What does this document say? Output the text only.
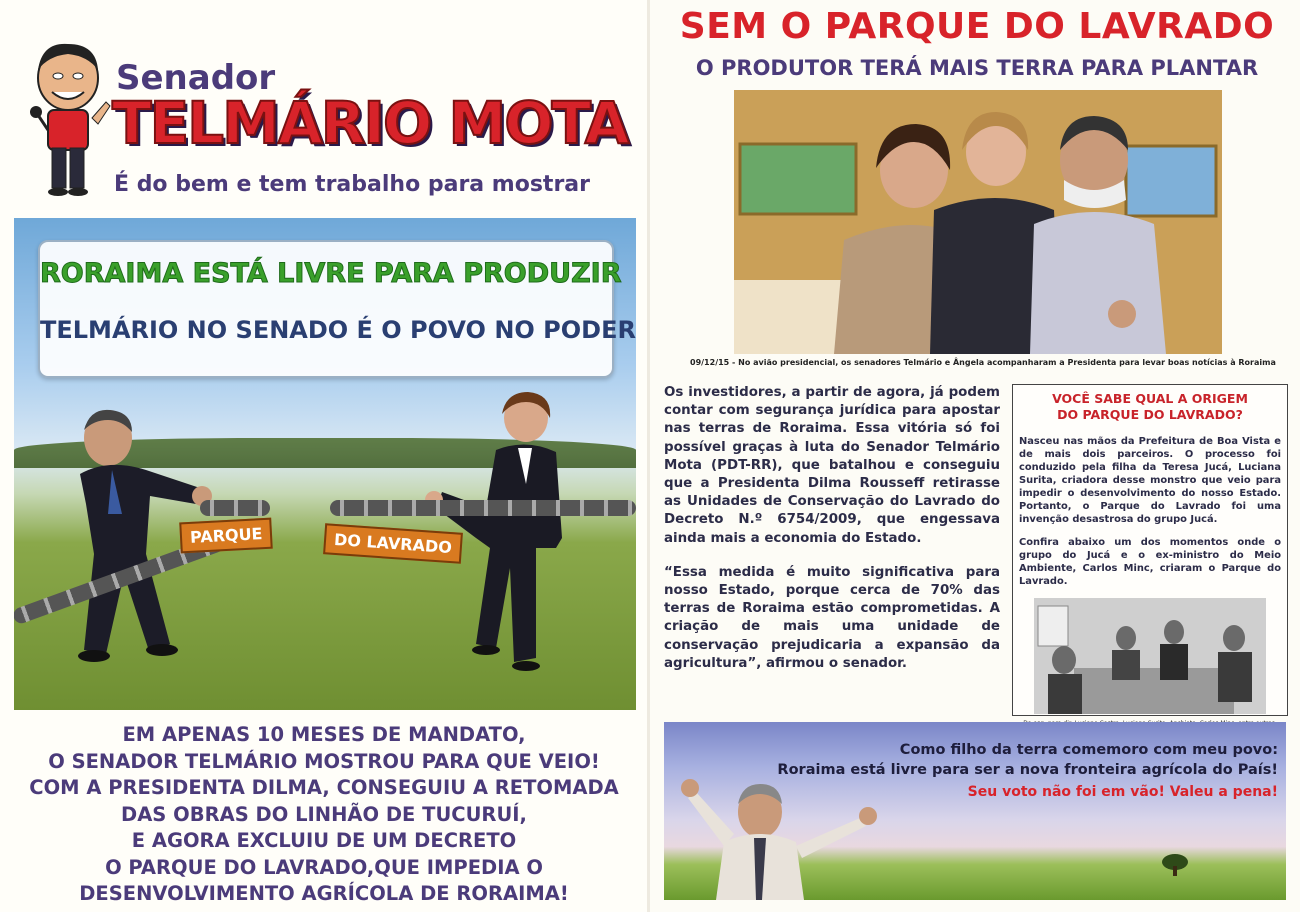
Senador
TELMÁRIO MOTA
É do bem e tem trabalho para mostrar
RORAIMA ESTÁ LIVRE PARA PRODUZIR
TELMÁRIO NO SENADO É O POVO NO PODER
PARQUE	DO LAVRADO
EM APENAS 10 MESES DE MANDATO,
O SENADOR TELMÁRIO MOSTROU PARA QUE VEIO!
COM A PRESIDENTA DILMA, CONSEGUIU A RETOMADA
DAS OBRAS DO LINHÃO DE TUCURUÍ,
E AGORA EXCLUIU DE UM DECRETO
O PARQUE DO LAVRADO,QUE IMPEDIA O
DESENVOLVIMENTO AGRÍCOLA DE RORAIMA!
SEM O PARQUE DO LAVRADO
O PRODUTOR TERÁ MAIS TERRA PARA PLANTAR
09/12/15 - No avião presidencial, os senadores Telmário e Ângela acompanharam a Presidenta para levar boas notícias à Roraima

Os investidores, a partir de agora, já podem contar com segurança jurídica para apostar nas terras de Roraima. Essa vitória só foi possível graças à luta do Senador Telmário Mota (PDT-RR), que batalhou e conseguiu que a Presidenta Dilma Rousseff retirasse as Unidades de Conservação do Lavrado do Decreto N.º 6754/2009, que engessava ainda mais a economia do Estado.

“Essa medida é muito significativa para nosso Estado, porque cerca de 70% das terras de Roraima estão comprometidas. A criação de mais uma unidade de conservação prejudicaria a expansão da agricultura”, afirmou o senador.

VOCÊ SABE QUAL A ORIGEM
DO PARQUE DO LAVRADO?
Nasceu nas mãos da Prefeitura de Boa Vista e de mais dois parceiros. O processo foi conduzido pela filha da Teresa Jucá, Luciana Surita, criadora desse monstro que veio para impedir o desenvolvimento do nosso Estado. Portanto, o Parque do Lavrado foi uma invenção desastrosa do grupo Jucá.
Confira abaixo um dos momentos onde o grupo do Jucá e o ex-ministro do Meio Ambiente, Carlos Minc, criaram o Parque do Lavrado.
Como filho da terra comemoro com meu povo:
Roraima está livre para ser a nova fronteira agrícola do País!
Seu voto não foi em vão! Valeu a pena!
